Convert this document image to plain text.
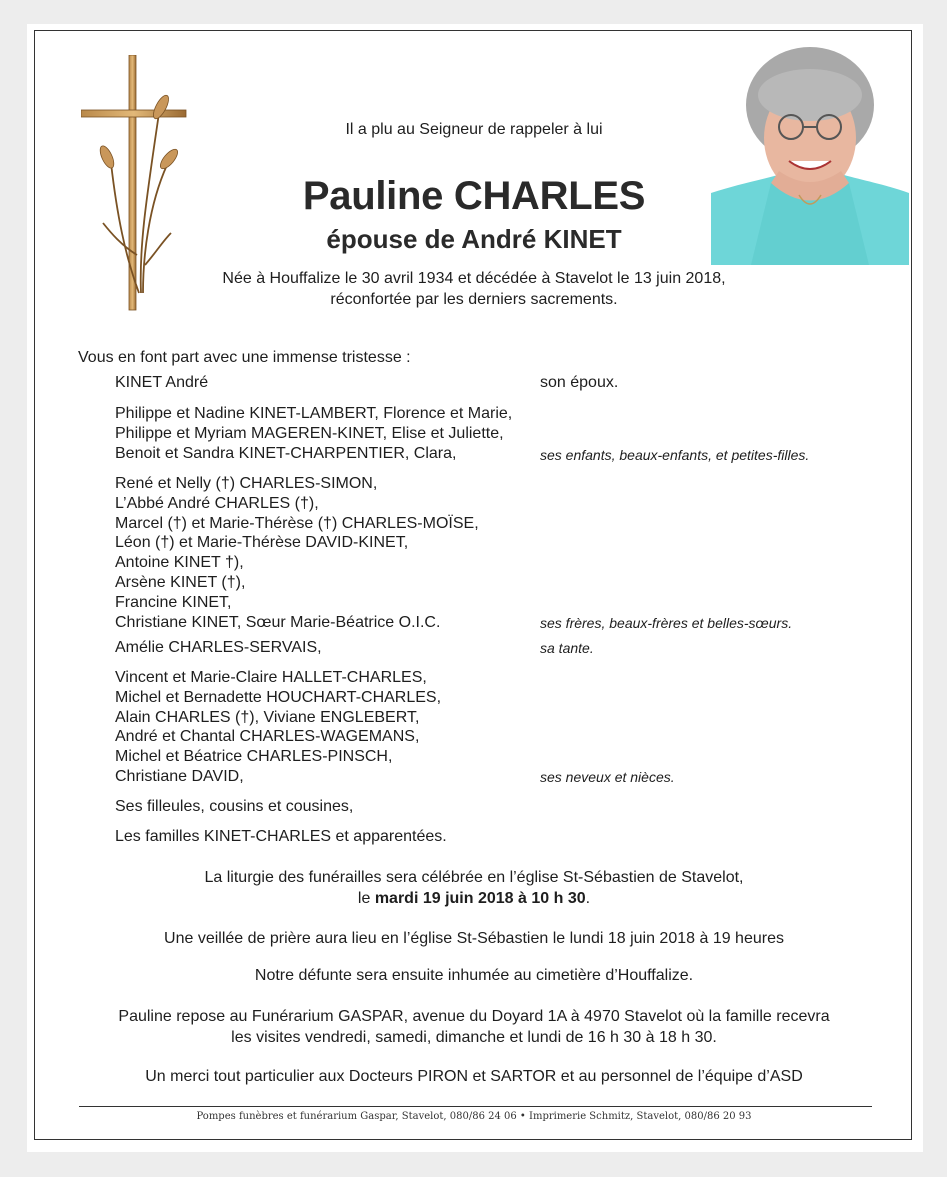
Il a plu au Seigneur de rappeler à lui
Pauline CHARLES
épouse de André KINET
Née à Houffalize le 30 avril 1934 et décédée à Stavelot le 13 juin 2018,
réconfortée par les derniers sacrements.
Vous en font part avec une immense tristesse :
KINET André	son époux.
Philippe et Nadine KINET-LAMBERT, Florence et Marie,
Philippe et Myriam MAGEREN-KINET, Elise et Juliette,
Benoit et Sandra KINET-CHARPENTIER, Clara,	ses enfants, beaux-enfants, et petites-filles.
René et Nelly (†) CHARLES-SIMON,
L’Abbé André CHARLES (†),
Marcel (†) et Marie-Thérèse (†) CHARLES-MOÏSE,
Léon (†) et Marie-Thérèse DAVID-KINET,
Antoine KINET †),
Arsène KINET (†),
Francine KINET,
Christiane KINET, Sœur Marie-Béatrice O.I.C.	ses frères, beaux-frères et belles-sœurs.
Amélie CHARLES-SERVAIS,	sa tante.
Vincent et Marie-Claire HALLET-CHARLES,
Michel et Bernadette HOUCHART-CHARLES,
Alain CHARLES (†), Viviane ENGLEBERT,
André et Chantal CHARLES-WAGEMANS,
Michel et Béatrice CHARLES-PINSCH,
Christiane DAVID,	ses neveux et nièces.
Ses filleules, cousins et cousines,
Les familles KINET-CHARLES et apparentées.
La liturgie des funérailles sera célébrée en l’église St-Sébastien de Stavelot,
le mardi 19 juin 2018 à 10 h 30.
Une veillée de prière aura lieu en l’église St-Sébastien le lundi 18 juin 2018 à 19 heures
Notre défunte sera ensuite inhumée au cimetière d’Houffalize.
Pauline repose au Funérarium GASPAR, avenue du Doyard 1A à 4970 Stavelot où la famille recevra
les visites vendredi, samedi, dimanche et lundi de 16 h 30 à 18 h 30.
Un merci tout particulier aux Docteurs PIRON et SARTOR et au personnel de l’équipe d’ASD
Pompes funèbres et funérarium Gaspar, Stavelot, 080/86 24 06 • Imprimerie Schmitz, Stavelot, 080/86 20 93
